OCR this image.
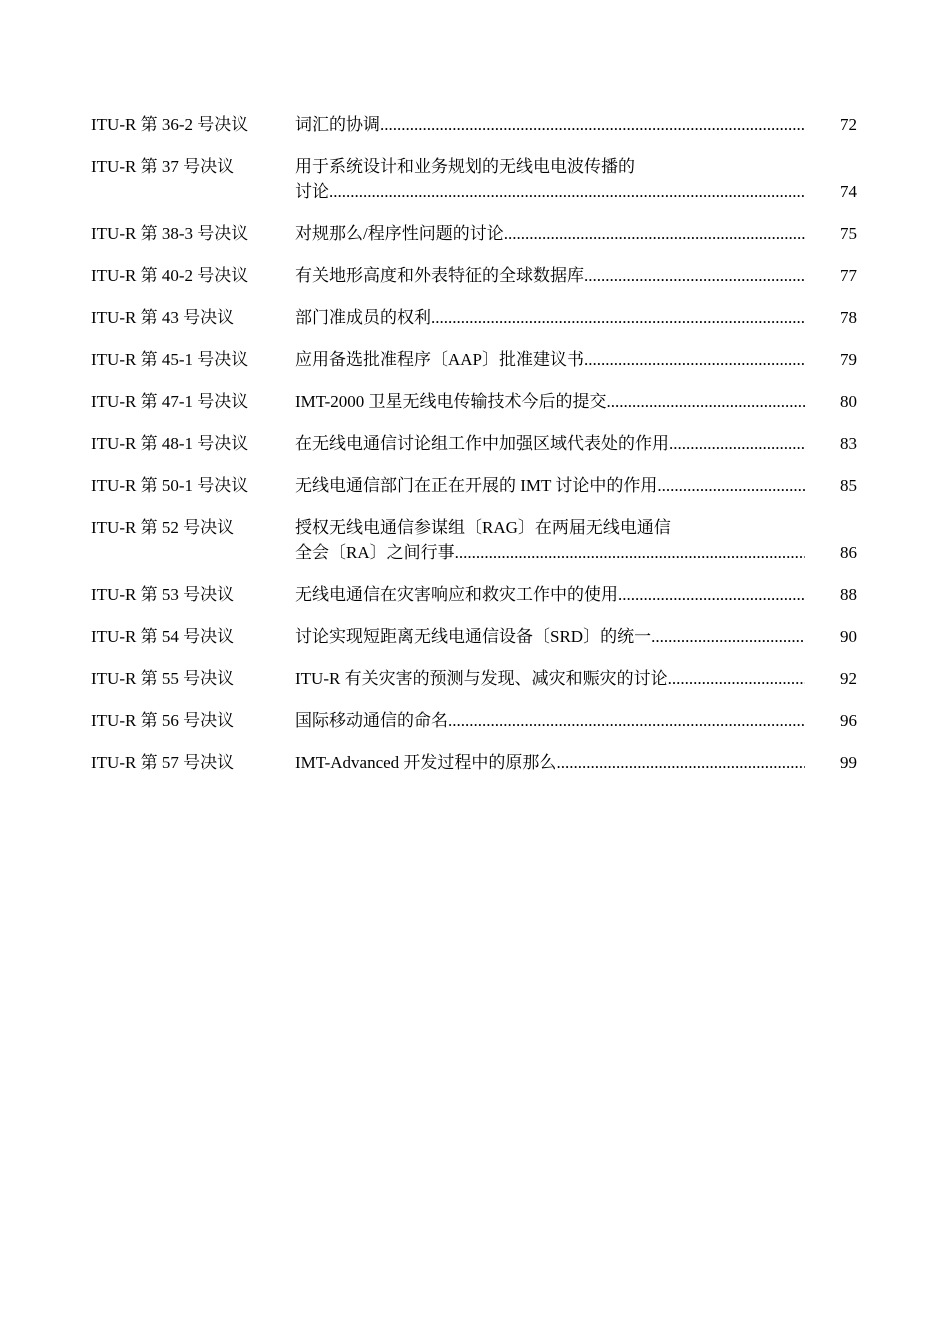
ITU-R 第 36-2 号决议	词汇的协调 .....	72
ITU-R 第 37 号决议	用于系统设计和业务规划的无线电电波传播的
讨论 .....	74
ITU-R 第 38-3 号决议	对规那么/程序性问题的讨论 .....	75
ITU-R 第 40-2 号决议	有关地形高度和外表特征的全球数据库 .....	77
ITU-R 第 43 号决议	部门准成员的权利 .....	78
ITU-R 第 45-1 号决议	应用备选批准程序〔AAP〕批准建议书 .....	79
ITU-R 第 47-1 号决议	IMT-2000 卫星无线电传输技术今后的提交 .....	80
ITU-R 第 48-1 号决议	在无线电通信讨论组工作中加强区域代表处的作用 .....	83
ITU-R 第 50-1 号决议	无线电通信部门在正在开展的 IMT 讨论中的作用 .....	85
ITU-R 第 52 号决议	授权无线电通信参谋组〔RAG〕在两届无线电通信
全会〔RA〕之间行事 .....	86
ITU-R 第 53 号决议	无线电通信在灾害响应和救灾工作中的使用 .....	88
ITU-R 第 54 号决议	讨论实现短距离无线电通信设备〔SRD〕的统一 .....	90
ITU-R 第 55 号决议	ITU-R 有关灾害的预测与发现、减灾和赈灾的讨论 .....	92
ITU-R 第 56 号决议	国际移动通信的命名 .....	96
ITU-R 第 57 号决议	IMT-Advanced 开发过程中的原那么 .....	99
